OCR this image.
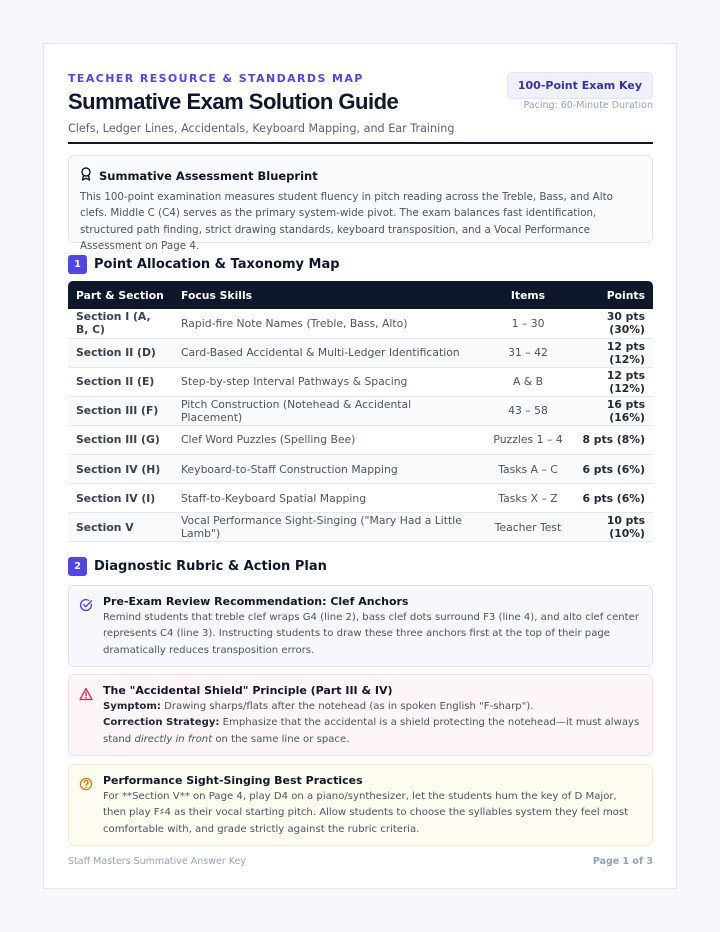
TEACHER RESOURCE & STANDARDS MAP
Summative Exam Solution Guide
Clefs, Ledger Lines, Accidentals, Keyboard Mapping, and Ear Training
100-Point Exam Key
Pacing: 60-Minute Duration
Summative Assessment Blueprint
This 100-point examination measures student fluency in pitch reading across the Treble, Bass, and Alto clefs. Middle C (C4) serves as the primary system-wide pivot. The exam balances fast identification, structured path finding, strict drawing standards, keyboard transposition, and a Vocal Performance Assessment on Page 4.
1	Point Allocation & Taxonomy Map
Part & Section	Focus Skills	Items	Points
Section I (A, B, C)	Rapid-fire Note Names (Treble, Bass, Alto)	1 – 30	30 pts (30%)
Section II (D)	Card-Based Accidental & Multi-Ledger Identification	31 – 42	12 pts (12%)
Section II (E)	Step-by-step Interval Pathways & Spacing	A & B	12 pts (12%)
Section III (F)	Pitch Construction (Notehead & Accidental Placement)	43 – 58	16 pts (16%)
Section III (G)	Clef Word Puzzles (Spelling Bee)	Puzzles 1 – 4	8 pts (8%)
Section IV (H)	Keyboard-to-Staff Construction Mapping	Tasks A – C	6 pts (6%)
Section IV (I)	Staff-to-Keyboard Spatial Mapping	Tasks X – Z	6 pts (6%)
Section V	Vocal Performance Sight-Singing ("Mary Had a Little Lamb")	Teacher Test	10 pts (10%)
2	Diagnostic Rubric & Action Plan
Pre-Exam Review Recommendation: Clef Anchors
Remind students that treble clef wraps G4 (line 2), bass clef dots surround F3 (line 4), and alto clef center represents C4 (line 3). Instructing students to draw these three anchors first at the top of their page dramatically reduces transposition errors.
The "Accidental Shield" Principle (Part III & IV)
Symptom: Drawing sharps/flats after the notehead (as in spoken English "F-sharp").
Correction Strategy: Emphasize that the accidental is a shield protecting the notehead—it must always stand directly in front on the same line or space.
Performance Sight-Singing Best Practices
For **Section V** on Page 4, play D4 on a piano/synthesizer, let the students hum the key of D Major, then play F♯4 as their vocal starting pitch. Allow students to choose the syllables system they feel most comfortable with, and grade strictly against the rubric criteria.
Staff Masters Summative Answer Key	Page 1 of 3
